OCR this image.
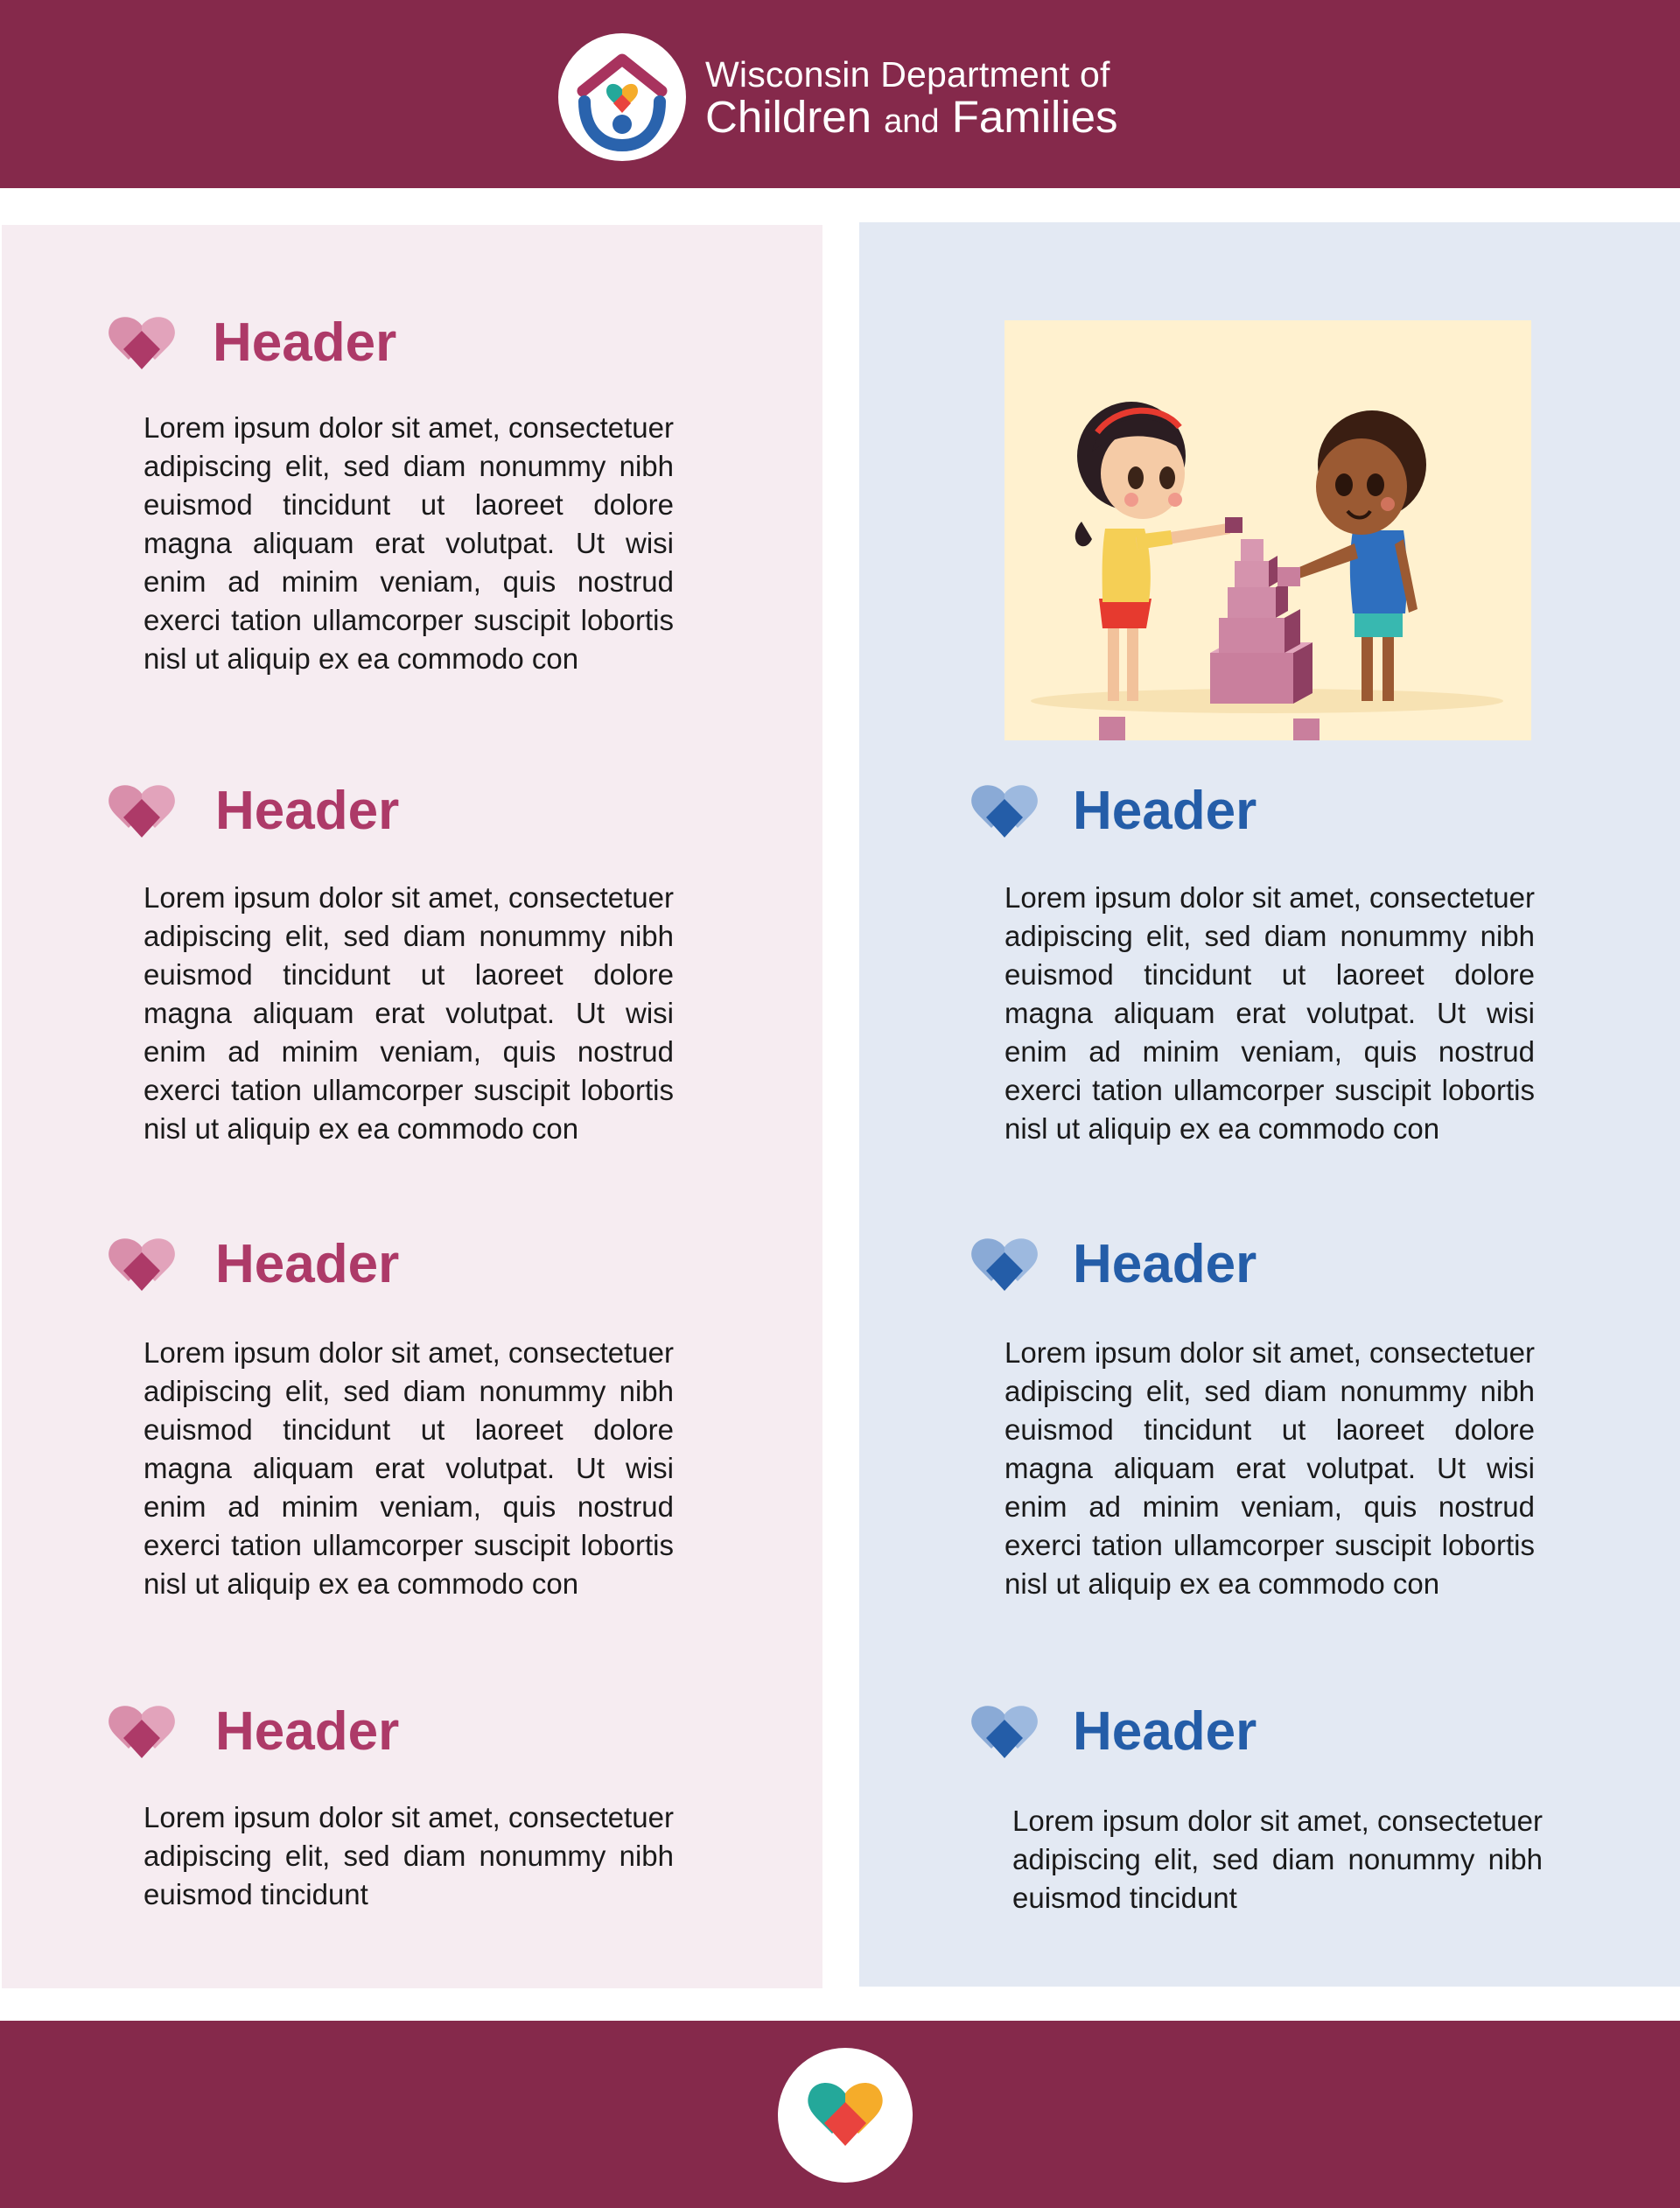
Wisconsin Department of
Children and Families
Header

Lorem ipsum dolor sit amet, consectetuer adipiscing elit, sed diam nonummy nibh euismod tincidunt ut laoreet dolore magna aliquam erat volutpat. Ut wisi enim ad minim veniam, quis nostrud exerci tation ullamcorper suscipit lobortis nisl ut aliquip ex ea commodo con

Header

Lorem ipsum dolor sit amet, consectetuer adipiscing elit, sed diam nonummy nibh euismod tincidunt ut laoreet dolore magna aliquam erat volutpat. Ut wisi enim ad minim veniam, quis nostrud exerci tation ullamcorper suscipit lobortis nisl ut aliquip ex ea commodo con

Header

Lorem ipsum dolor sit amet, consectetuer adipiscing elit, sed diam nonummy nibh euismod tincidunt ut laoreet dolore magna aliquam erat volutpat. Ut wisi enim ad minim veniam, quis nostrud exerci tation ullamcorper suscipit lobortis nisl ut aliquip ex ea commodo con

Header

Lorem ipsum dolor sit amet, consectetuer adipiscing elit, sed diam nonummy nibh euismod tincidunt

Header

Lorem ipsum dolor sit amet, consectetuer adipiscing elit, sed diam nonummy nibh euismod tincidunt ut laoreet dolore magna aliquam erat volutpat. Ut wisi enim ad minim veniam, quis nostrud exerci tation ullamcorper suscipit lobortis nisl ut aliquip ex ea commodo con

Header

Lorem ipsum dolor sit amet, consectetuer adipiscing elit, sed diam nonummy nibh euismod tincidunt ut laoreet dolore magna aliquam erat volutpat. Ut wisi enim ad minim veniam, quis nostrud exerci tation ullamcorper suscipit lobortis nisl ut aliquip ex ea commodo con

Header

Lorem ipsum dolor sit amet, consectetuer adipiscing elit, sed diam nonummy nibh euismod tincidunt
